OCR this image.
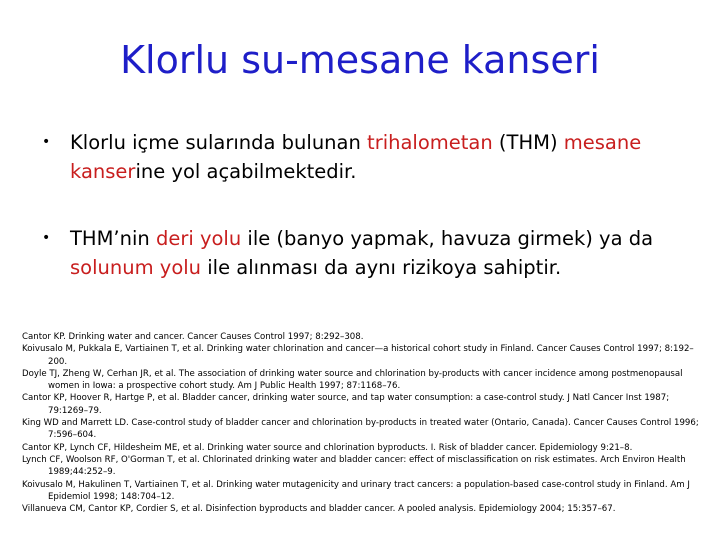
Klorlu su-mesane kanseri
• Klorlu içme sularında bulunan trihalometan (THM) mesane kanserine yol açabilmektedir.
• THM’nin deri yolu ile (banyo yapmak, havuza girmek) ya da solunum yolu ile alınması da aynı rizikoya sahiptir.

Cantor KP. Drinking water and cancer. Cancer Causes Control 1997; 8:292–308.

Koivusalo M, Pukkala E, Vartiainen T, et al. Drinking water chlorination and cancer—a historical cohort study in Finland. Cancer Causes Control 1997; 8:192–200.

Doyle TJ, Zheng W, Cerhan JR, et al. The association of drinking water source and chlorination by-products with cancer incidence among postmenopausal women in Iowa: a prospective cohort study. Am J Public Health 1997; 87:1168–76.

Cantor KP, Hoover R, Hartge P, et al. Bladder cancer, drinking water source, and tap water consumption: a case-control study. J Natl Cancer Inst 1987; 79:1269–79.

King WD and Marrett LD. Case-control study of bladder cancer and chlorination by-products in treated water (Ontario, Canada). Cancer Causes Control 1996; 7:596–604.

Cantor KP, Lynch CF, Hildesheim ME, et al. Drinking water source and chlorination byproducts. I. Risk of bladder cancer. Epidemiology 9:21–8.

Lynch CF, Woolson RF, O'Gorman T, et al. Chlorinated drinking water and bladder cancer: effect of misclassification on risk estimates. Arch Environ Health 1989;44:252–9.

Koivusalo M, Hakulinen T, Vartiainen T, et al. Drinking water mutagenicity and urinary tract cancers: a population-based case-control study in Finland. Am J Epidemiol 1998; 148:704–12.

Villanueva CM, Cantor KP, Cordier S, et al. Disinfection byproducts and bladder cancer. A pooled analysis. Epidemiology 2004; 15:357–67.
